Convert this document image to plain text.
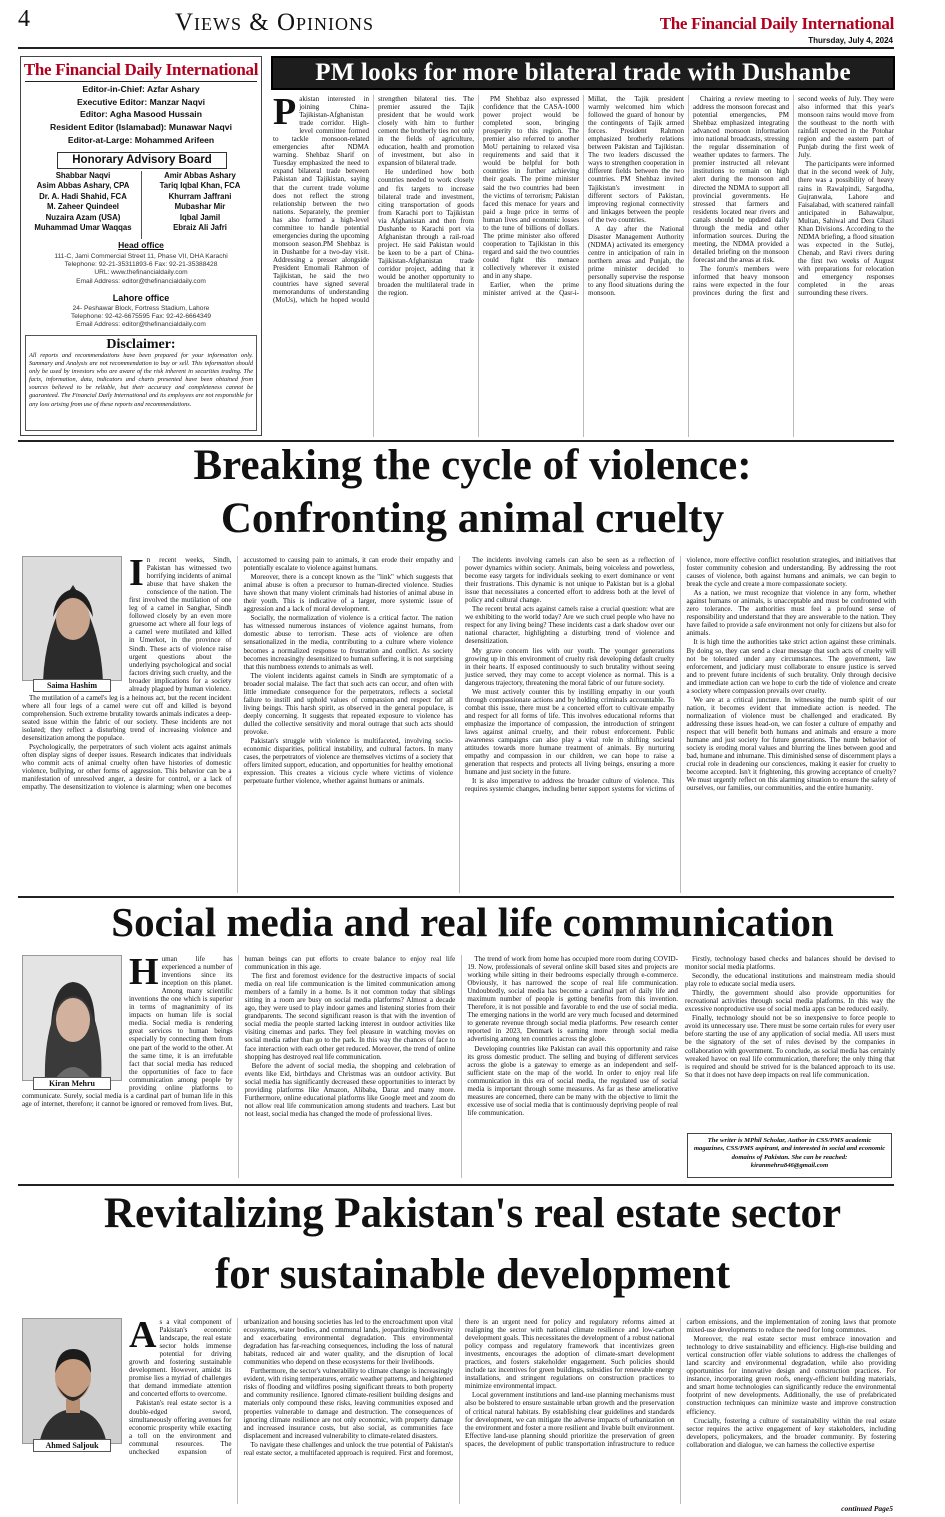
4	Views & Opinions	The Financial Daily International
Thursday, July 4, 2024
The Financial Daily International
Editor-in-Chief: Azfar Ashary
Executive Editor: Manzar Naqvi
Editor: Agha Masood Hussain
Resident Editor (Islamabad): Munawar Naqvi
Editor-at-Large: Mohammed Arifeen
Honorary Advisory Board
Shabbar Naqvi
Asim Abbas Ashary, CPA
Dr. A. Hadi Shahid, FCA
M. Zaheer Quindeel
Nuzaira Azam (USA)
Muhammad Umar Waqqas
Amir Abbas Ashary
Tariq Iqbal Khan, FCA
Khurram Jaffrani
Mubashar Mir
Iqbal Jamil
Ebraiz Ali Jafri
Head office
111-C, Jami Commercial Street 11, Phase VII, DHA Karachi
Telephone: 92-21-35311893-6 Fax: 92-21-35388428
URL: www.thefinancialdaily.com
Email Address: editor@thefinancialdaily.com
Lahore office
24- Peshawar Block, Fortress Stadium, Lahore
Telephone: 92-42-6675595 Fax: 92-42-6664349
Email Address: editor@thefinancialdaily.com
Disclaimer:
All reports and recommendations have been prepared for your information only. Summary and Analysis are not recommendation to buy or sell. This information should only be used by investors who are aware of the risk inherent in securities trading. The facts, information, data, indicators and charts presented have been obtained from sources believed to be reliable, but their accuracy and completeness cannot be guaranteed. The Financial Daily International and its employees are not responsible for any loss arising from use of these reports and recommendations.
PM looks for more bilateral trade with Dushanbe

Pakistan interested in joining China-Tajikistan-Afghanistan trade corridor. High-level committee formed to tackle monsoon-related emergencies after NDMA warning. Shehbaz Sharif on Tuesday emphasized the need to expand bilateral trade between Pakistan and Tajikistan, saying that the current trade volume does not reflect the strong relationship between the two nations. Separately, the premier has also formed a high-level committee to handle potential emergencies during the upcoming monsoon season.PM Shehbaz is in Dushanbe for a two-day visit. Addressing a presser alongside President Emomali Rahmon of Tajikistan, he said the two countries have signed several memorandums of understanding (MoUs), which he hoped would strengthen bilateral ties. The premier assured the Tajik president that he would work closely with him to further cement the brotherly ties not only in the fields of agriculture, education, health and promotion of investment, but also in expansion of bilateral trade.

He underlined how both countries needed to work closely and fix targets to increase bilateral trade and investment, citing transportation of goods from Karachi port to Tajikistan via Afghanistan and then from Dushanbe to Karachi port via Afghanistan through a rail-road project. He said Pakistan would be keen to be a part of China-Tajikistan-Afghanistan trade corridor project, adding that it would be another opportunity to broaden the multilateral trade in the region.

PM Shehbaz also expressed confidence that the CASA-1000 power project would be completed soon, bringing prosperity to this region. The premier also referred to another MoU pertaining to relaxed visa requirements and said that it would be helpful for both countries in further achieving their goals. The prime minister said the two countries had been the victims of terrorism; Pakistan faced this menace for years and paid a huge price in terms of human lives and economic losses to the tune of billions of dollars. The prime minister also offered cooperation to Tajikistan in this regard and said the two countries could fight this menace collectively wherever it existed and in any shape.

Earlier, when the prime minister arrived at the Qasr-i-Millat, the Tajik president warmly welcomed him which followed the guard of honour by the contingents of Tajik armed forces. President Rahmon emphasized brotherly relations between Pakistan and Tajikistan. The two leaders discussed the ways to strengthen cooperation in different fields between the two countries. PM Shehbaz invited Tajikistan's investment in different sectors of Pakistan, improving regional connectivity and linkages between the people of the two countries.

A day after the National Disaster Management Authority (NDMA) activated its emergency centre in anticipation of rain in northern areas and Punjab, the prime minister decided to personally supervise the response to any flood situations during the monsoon.

Chairing a review meeting to address the monsoon forecast and potential emergencies, PM Shehbaz emphasized integrating advanced monsoon information into national broadcasts, stressing the regular dissemination of weather updates to farmers. The premier instructed all relevant institutions to remain on high alert during the monsoon and directed the NDMA to support all provincial governments. He stressed that farmers and residents located near rivers and canals should be updated daily through the media and other information sources. During the meeting, the NDMA provided a detailed briefing on the monsoon forecast and the areas at risk.

The forum's members were informed that heavy monsoon rains were expected in the four provinces during the first and second weeks of July. They were also informed that this year's monsoon rains would move from the southeast to the north with rainfall expected in the Potohar region and the eastern part of Punjab during the first week of July.

The participants were informed that in the second week of July, there was a possibility of heavy rains in Rawalpindi, Sargodha, Gujranwala, Lahore and Faisalabad, with scattered rainfall anticipated in Bahawalpur, Multan, Sahiwal and Dera Ghazi Khan Divisions. According to the NDMA briefing, a flood situation was expected in the Sutlej, Chenab, and Ravi rivers during the first two weeks of August with preparations for relocation and emergency responses completed in the areas surrounding these rivers.

Breaking the cycle of violence:
Confronting animal cruelty
Saima Hashim

In recent weeks, Sindh, Pakistan has witnessed two horrifying incidents of animal abuse that have shaken the conscience of the nation. The first involved the mutilation of one leg of a camel in Sanghar, Sindh followed closely by an even more gruesome act where all four legs of a camel were mutilated and killed in Umerkot, in the province of Sindh. These acts of violence raise urgent questions about the underlying psychological and social factors driving such cruelty, and the broader implications for a society already plagued by human violence.

The mutilation of a camel's leg is a heinous act, but the recent incident where all four legs of a camel were cut off and killed is beyond comprehension. Such extreme brutality towards animals indicates a deep-seated issue within the fabric of our society. These incidents are not isolated; they reflect a disturbing trend of increasing violence and desensitization among the populace.

Psychologically, the perpetrators of such violent acts against animals often display signs of deeper issues. Research indicates that individuals who commit acts of animal cruelty often have histories of domestic violence, bullying, or other forms of aggression. This behavior can be a manifestation of unresolved anger, a desire for control, or a lack of empathy. The desensitization to violence is alarming; when one becomes accustomed to causing pain to animals, it can erode their empathy and potentially escalate to violence against humans.

Moreover, there is a concept known as the "link" which suggests that animal abuse is often a precursor to human-directed violence. Studies have shown that many violent criminals had histories of animal abuse in their youth. This is indicative of a larger, more systemic issue of aggression and a lack of moral development.

Socially, the normalization of violence is a critical factor. The nation has witnessed numerous instances of violence against humans, from domestic abuse to terrorism. These acts of violence are often sensationalized in the media, contributing to a culture where violence becomes a normalized response to frustration and conflict. As society becomes increasingly desensitized to human suffering, it is not surprising that this numbness extends to animals as well.

The violent incidents against camels in Sindh are symptomatic of a broader social malaise. The fact that such acts can occur, and often with little immediate consequence for the perpetrators, reflects a societal failure to instill and uphold values of compassion and respect for all living beings. This harsh spirit, as observed in the general populace, is deeply concerning. It suggests that repeated exposure to violence has dulled the collective sensitivity and moral outrage that such acts should provoke.

Pakistan's struggle with violence is multifaceted, involving socio-economic disparities, political instability, and cultural factors. In many cases, the perpetrators of violence are themselves victims of a society that offers limited support, education, and opportunities for healthy emotional expression. This creates a vicious cycle where victims of violence perpetuate further violence, whether against humans or animals.

The incidents involving camels can also be seen as a reflection of power dynamics within society. Animals, being voiceless and powerless, become easy targets for individuals seeking to exert dominance or vent their frustrations. This dynamic is not unique to Pakistan but is a global issue that necessitates a concerted effort to address both at the level of policy and cultural change.

The recent brutal acts against camels raise a crucial question: what are we exhibiting to the world today? Are we such cruel people who have no respect for any living being? These incidents cast a dark shadow over our national character, highlighting a disturbing trend of violence and desensitization.

My grave concern lies with our youth. The younger generations growing up in this environment of cruelty risk developing default cruelty in their hearts. If exposed continuously to such brutality without seeing justice served, they may come to accept violence as normal. This is a dangerous trajectory, threatening the moral fabric of our future society.

We must actively counter this by instilling empathy in our youth through compassionate actions and by holding criminals accountable. To combat this issue, there must be a concerted effort to cultivate empathy and respect for all forms of life. This involves educational reforms that emphasize the importance of compassion, the introduction of stringent laws against animal cruelty, and their robust enforcement. Public awareness campaigns can also play a vital role in shifting societal attitudes towards more humane treatment of animals. By nurturing empathy and compassion in our children, we can hope to raise a generation that respects and protects all living beings, ensuring a more humane and just society in the future.

It is also imperative to address the broader culture of violence. This requires systemic changes, including better support systems for victims of violence, more effective conflict resolution strategies, and initiatives that foster community cohesion and understanding. By addressing the root causes of violence, both against humans and animals, we can begin to break the cycle and create a more compassionate society.

As a nation, we must recognize that violence in any form, whether against humans or animals, is unacceptable and must be confronted with zero tolerance. The authorities must feel a profound sense of responsibility and understand that they are answerable to the nation. They have failed to provide a safe environment not only for citizens but also for animals.

It is high time the authorities take strict action against these criminals. By doing so, they can send a clear message that such acts of cruelty will not be tolerated under any circumstances. The government, law enforcement, and judiciary must collaborate to ensure justice is served and to prevent future incidents of such brutality. Only through decisive and immediate action can we hope to curb the tide of violence and create a society where compassion prevails over cruelty.

We are at a critical juncture. In witnessing the numb spirit of our nation, it becomes evident that immediate action is needed. The normalization of violence must be challenged and eradicated. By addressing these issues head-on, we can foster a culture of empathy and respect that will benefit both humans and animals and ensure a more humane and just society for future generations. The numb behavior of society is eroding moral values and blurring the lines between good and bad, humane and inhumane. This diminished sense of discernment plays a crucial role in deadening our consciences, making it easier for cruelty to become accepted. Isn't it frightening, this growing acceptance of cruelty? We must urgently reflect on this alarming situation to ensure the safety of ourselves, our families, our communities, and the entire humanity.

Social media and real life communication
Kiran Mehru

Human life has experienced a number of inventions since its inception on this planet. Among many scientific inventions the one which is superior in terms of magnanimity of its impacts on human life is social media. Social media is rendering great services to human beings especially by connecting them from one part of the world to the other. At the same time, it is an irrefutable fact that social media has reduced the opportunities of face to face communication among people by providing online platforms to communicate. Surely, social media is a cardinal part of human life in this age of internet, therefore; it cannot be ignored or removed from lives. But, human beings can put efforts to create balance to enjoy real life communication in this age.

The first and foremost evidence for the destructive impacts of social media on real life communication is the limited communication among members of a family in a home. Is it not common today that siblings sitting in a room are busy on social media platforms? Almost a decade ago, they were used to play indoor games and listening stories from their grandparents. The second significant reason is that with the invention of social media the people started lacking interest in outdoor activities like visiting cinemas and parks. They feel pleasure in watching movies on social media rather than go to the park. In this way the chances of face to face interaction with each other get reduced. Moreover, the trend of online shopping has destroyed real life communication.

Before the advent of social media, the shopping and celebration of events like Eid, birthdays and Christmas was an outdoor activity. But social media has significantly decreased these opportunities to interact by providing platforms like Amazon, Alibaba, Daraz and many more. Furthermore, online educational platforms like Google meet and zoom do not allow real life communication among students and teachers. Last but not least, social media has changed the mode of professional lives.

The trend of work from home has occupied more room during COVID-19. Now, professionals of several online skill based sites and projects are working while sitting in their bedrooms especially through e-commerce. Obviously, it has narrowed the scope of real life communication. Undoubtedly, social media has become a cardinal part of daily life and maximum number of people is getting benefits from this invention. Therefore, it is not possible and favorable to end the use of social media. The emerging nations in the world are very much focused and determined to generate revenue through social media platforms. Pew research center reported in 2023, Denmark is earning more through social media advertising among ten countries across the globe.

Developing countries like Pakistan can avail this opportunity and raise its gross domestic product. The selling and buying of different services across the globe is a gateway to emerge as an independent and self-sufficient state on the map of the world. In order to enjoy real life communication in this era of social media, the regulated use of social media is important through some measures. As far as these ameliorative measures are concerned, there can be many with the objective to limit the excessive use of social media that is continuously depriving people of real life communication.

Firstly, technology based checks and balances should be devised to monitor social media platforms.

Secondly, the educational institutions and mainstream media should play role to educate social media users.

Thirdly, the government should also provide opportunities for recreational activities through social media platforms. In this way the excessive nonproductive use of social media apps can be reduced easily.

Finally, technology should not be so inexpensive to force people to avoid its unnecessary use. There must be some certain rules for every user before starting the use of any application of social media. All users must be the signatory of the set of rules devised by the companies in collaboration with government. To conclude, as social media has certainly wreaked havoc on real life communication, therefore; the only thing that is required and should be strived for is the balanced approach to its use. So that it does not have deep impacts on real life communication.

The writer is MPhil Scholar, Author in CSS/PMS academic magazines, CSS/PMS aspirant, and interested in social and economic domains of Pakistan. She can be reached: kiranmehru846@gmail.com
Revitalizing Pakistan's real estate sector
for sustainable development
Ahmed Saljouk

As a vital component of Pakistan's economic landscape, the real estate sector holds immense potential for driving growth and fostering sustainable development. However, amidst its promise lies a myriad of challenges that demand immediate attention and concerted efforts to overcome.

Pakistan's real estate sector is a double-edged sword, simultaneously offering avenues for economic prosperity while exacting a toll on the environment and communal resources. The unchecked expansion of urbanization and housing societies has led to the encroachment upon vital ecosystems, water bodies, and communal lands, jeopardizing biodiversity and exacerbating environmental degradation. This environmental degradation has far-reaching consequences, including the loss of natural habitats, reduced air and water quality, and the disruption of local communities who depend on these ecosystems for their livelihoods.

Furthermore, the sector's vulnerability to climate change is increasingly evident, with rising temperatures, erratic weather patterns, and heightened risks of flooding and wildfires posing significant threats to both property and community resilience. Ignored climate-resilient building designs and materials only compound these risks, leaving communities exposed and properties vulnerable to damage and destruction. The consequences of ignoring climate resilience are not only economic, with property damage and increased insurance costs, but also social, as communities face displacement and increased vulnerability to climate-related disasters.

To navigate these challenges and unlock the true potential of Pakistan's real estate sector, a multifaceted approach is required. First and foremost, there is an urgent need for policy and regulatory reforms aimed at realigning the sector with national climate resilience and low-carbon development goals. This necessitates the development of a robust national policy compass and regulatory framework that incentivizes green investments, encourages the adoption of climate-smart development practices, and fosters stakeholder engagement. Such policies should include tax incentives for green buildings, subsidies for renewable energy installations, and stringent regulations on construction practices to minimize environmental impact.

Local government institutions and land-use planning mechanisms must also be bolstered to ensure sustainable urban growth and the preservation of critical natural habitats. By establishing clear guidelines and standards for development, we can mitigate the adverse impacts of urbanization on the environment and foster a more resilient and livable built environment. Effective land-use planning should prioritize the preservation of green spaces, the development of public transportation infrastructure to reduce carbon emissions, and the implementation of zoning laws that promote mixed-use developments to reduce the need for long commutes.

Moreover, the real estate sector must embrace innovation and technology to drive sustainability and efficiency. High-rise building and vertical construction offer viable solutions to address the challenges of land scarcity and environmental degradation, while also providing opportunities for innovative design and construction practices. For instance, incorporating green roofs, energy-efficient building materials, and smart home technologies can significantly reduce the environmental footprint of new developments. Additionally, the use of prefabricated construction techniques can minimize waste and improve construction efficiency.

Crucially, fostering a culture of sustainability within the real estate sector requires the active engagement of key stakeholders, including developers, policymakers, and the broader community. By fostering collaboration and dialogue, we can harness the collective expertise

continued Page5
